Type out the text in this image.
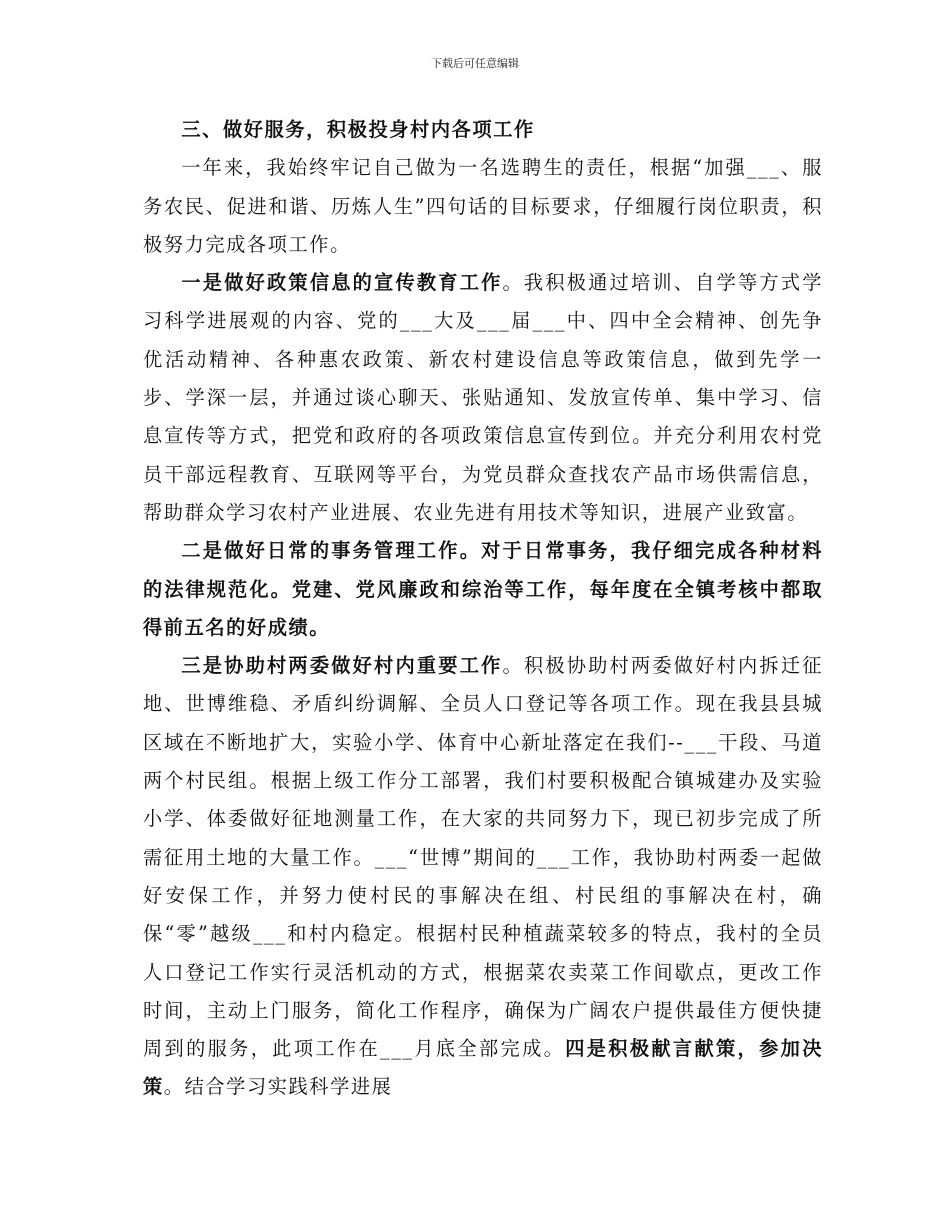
下载后可任意编辑

三、做好服务，积极投身村内各项工作

一年来，我始终牢记自己做为一名选聘生的责任，根据“加强___、服务农民、促进和谐、历炼人生”四句话的目标要求，仔细履行岗位职责，积极努力完成各项工作。

一是做好政策信息的宣传教育工作。我积极通过培训、自学等方式学习科学进展观的内容、党的___大及___届___中、四中全会精神、创先争优活动精神、各种惠农政策、新农村建设信息等政策信息，做到先学一步、学深一层，并通过谈心聊天、张贴通知、发放宣传单、集中学习、信息宣传等方式，把党和政府的各项政策信息宣传到位。并充分利用农村党员干部远程教育、互联网等平台，为党员群众查找农产品市场供需信息，帮助群众学习农村产业进展、农业先进有用技术等知识，进展产业致富。

二是做好日常的事务管理工作。对于日常事务，我仔细完成各种材料的法律规范化。党建、党风廉政和综治等工作，每年度在全镇考核中都取得前五名的好成绩。

三是协助村两委做好村内重要工作。积极协助村两委做好村内拆迁征地、世博维稳、矛盾纠纷调解、全员人口登记等各项工作。现在我县县城区域在不断地扩大，实验小学、体育中心新址落定在我们--___干段、马道两个村民组。根据上级工作分工部署，我们村要积极配合镇城建办及实验小学、体委做好征地测量工作，在大家的共同努力下，现已初步完成了所需征用土地的大量工作。___“世博”期间的___工作，我协助村两委一起做好安保工作，并努力使村民的事解决在组、村民组的事解决在村，确保“零”越级___和村内稳定。根据村民种植蔬菜较多的特点，我村的全员人口登记工作实行灵活机动的方式，根据菜农卖菜工作间歇点，更改工作时间，主动上门服务，简化工作程序，确保为广阔农户提供最佳方便快捷周到的服务，此项工作在___月底全部完成。四是积极献言献策，参加决策。结合学习实践科学进展
